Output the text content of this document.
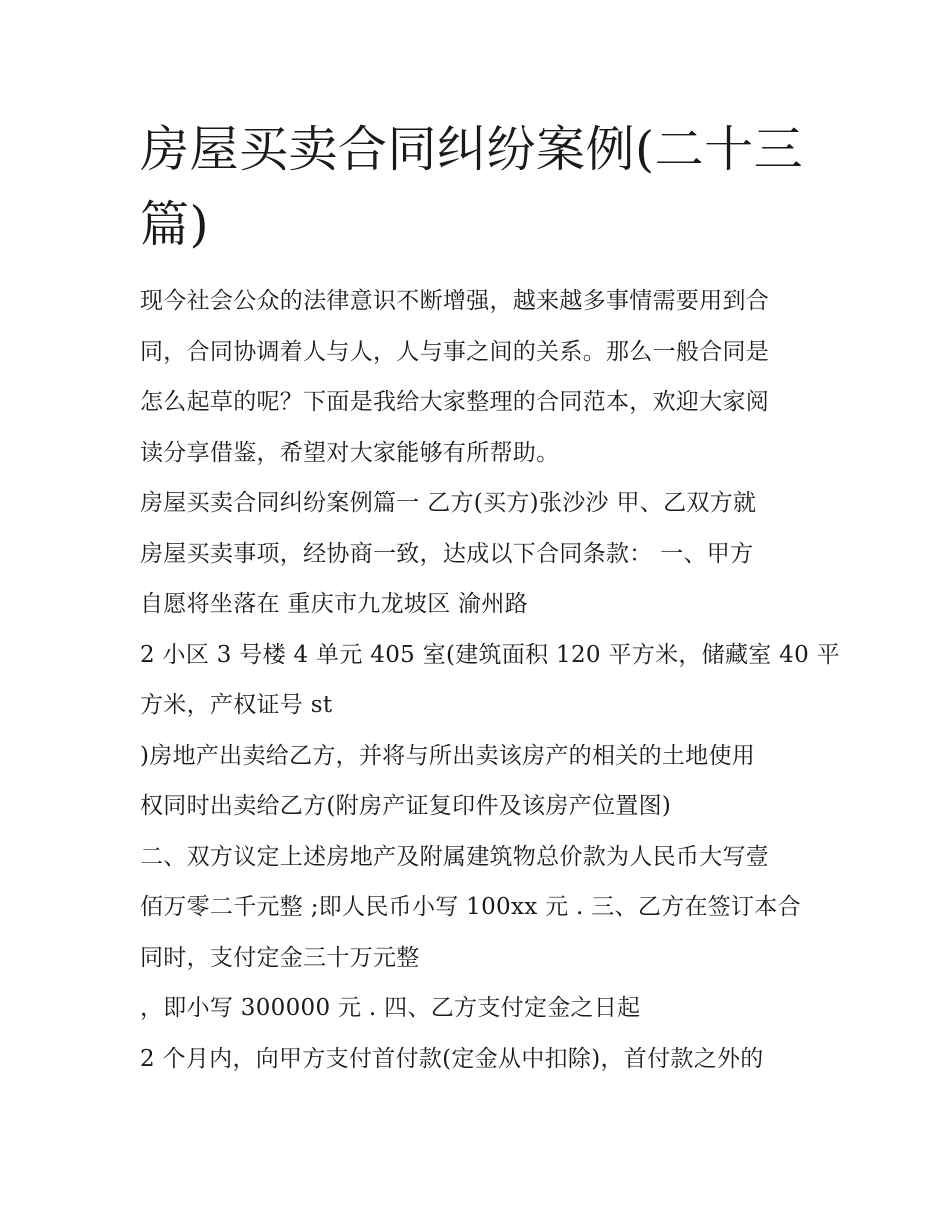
房屋买卖合同纠纷案例(二十三
篇)
现今社会公众的法律意识不断增强，越来越多事情需要用到合
同，合同协调着人与人，人与事之间的关系。那么一般合同是
怎么起草的呢？下面是我给大家整理的合同范本，欢迎大家阅
读分享借鉴，希望对大家能够有所帮助。
房屋买卖合同纠纷案例篇一 乙方(买方)张沙沙 甲、乙双方就
房屋买卖事项，经协商一致，达成以下合同条款： 一、甲方
自愿将坐落在 重庆市九龙坡区 渝州路
2 小区 3 号楼 4 单元 405 室(建筑面积 120 平方米，储藏室 40 平
方米，产权证号 st
)房地产出卖给乙方，并将与所出卖该房产的相关的土地使用
权同时出卖给乙方(附房产证复印件及该房产位置图)
二、双方议定上述房地产及附属建筑物总价款为人民币大写壹
佰万零二千元整 ;即人民币小写 100xx 元 . 三、乙方在签订本合
同时，支付定金三十万元整
，即小写 300000 元 . 四、乙方支付定金之日起
2 个月内，向甲方支付首付款(定金从中扣除)，首付款之外的
